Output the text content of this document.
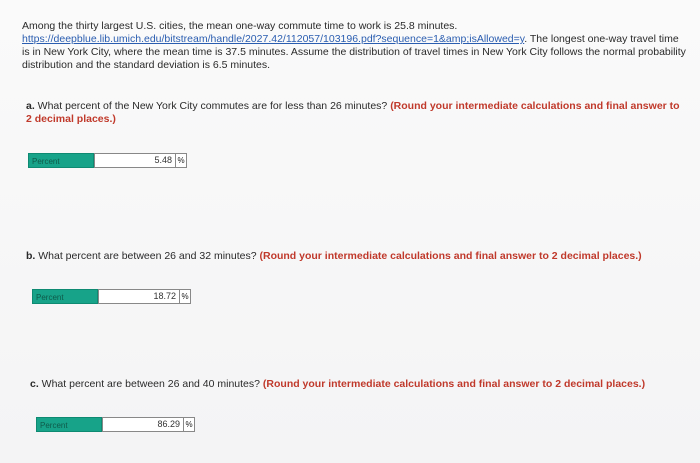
Among the thirty largest U.S. cities, the mean one-way commute time to work is 25.8 minutes. https://deepblue.lib.umich.edu/bitstream/handle/2027.42/112057/103196.pdf?sequence=1&amp;isAllowed=y. The longest one-way travel time is in New York City, where the mean time is 37.5 minutes. Assume the distribution of travel times in New York City follows the normal probability distribution and the standard deviation is 6.5 minutes.
a. What percent of the New York City commutes are for less than 26 minutes? (Round your intermediate calculations and final answer to 2 decimal places.)
Percent	5.48 %
b. What percent are between 26 and 32 minutes? (Round your intermediate calculations and final answer to 2 decimal places.)
Percent	18.72 %
c. What percent are between 26 and 40 minutes? (Round your intermediate calculations and final answer to 2 decimal places.)
Percent	86.29 %
